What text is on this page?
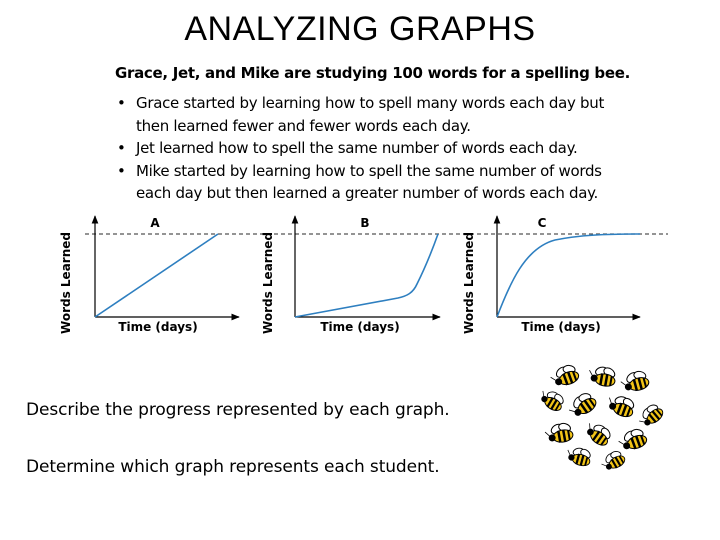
ANALYZING GRAPHS
Grace, Jet, and Mike are studying 100 words for a spelling bee.
• Grace started by learning how to spell many words each day but
then learned fewer and fewer words each day.
• Jet learned how to spell the same number of words each day.
• Mike started by learning how to spell the same number of words
each day but then learned a greater number of words each day.
A
Time (days)
Words Learned
B
Time (days)
Words Learned
C
Time (days)
Words Learned
Describe the progress represented by each graph.
Determine which graph represents each student.
